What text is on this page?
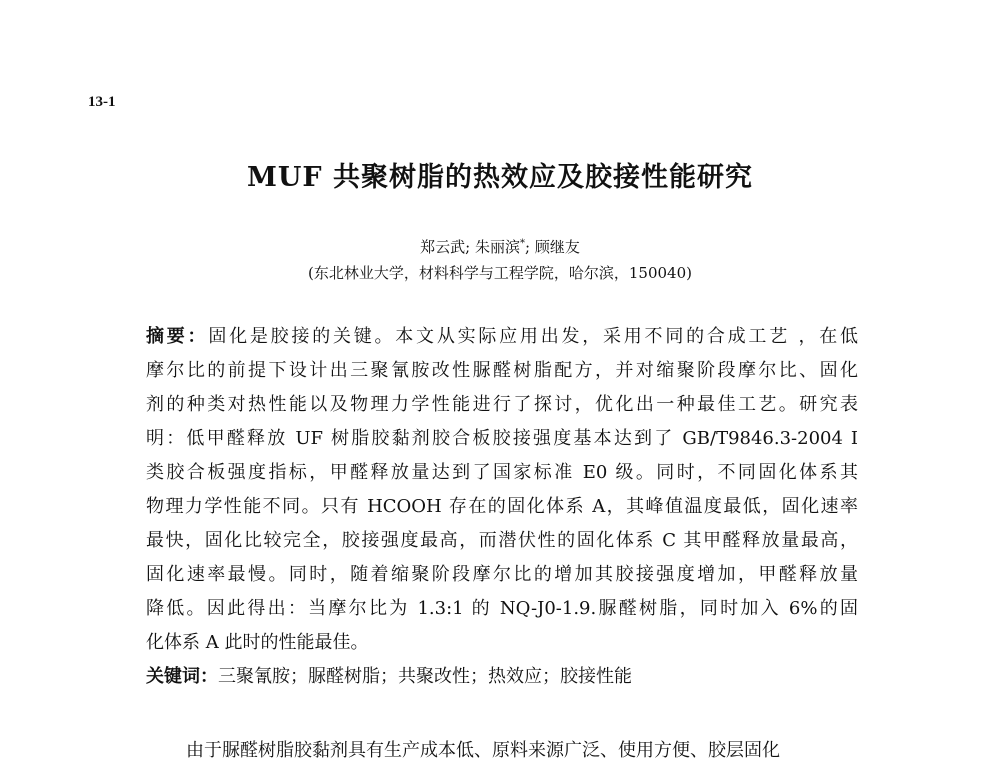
13-1
MUF 共聚树脂的热效应及胶接性能研究
郑云武; 朱丽滨*; 顾继友
(东北林业大学，材料科学与工程学院，哈尔滨，150040)
摘要：固化是胶接的关键。本文从实际应用出发，采用不同的合成工艺 ，在低
摩尔比的前提下设计出三聚氰胺改性脲醛树脂配方，并对缩聚阶段摩尔比、固化
剂的种类对热性能以及物理力学性能进行了探讨，优化出一种最佳工艺。研究表
明：低甲醛释放 UF 树脂胶黏剂胶合板胶接强度基本达到了 GB/T9846.3-2004 I
类胶合板强度指标，甲醛释放量达到了国家标准 E0 级。同时，不同固化体系其
物理力学性能不同。只有 HCOOH 存在的固化体系 A，其峰值温度最低，固化速率
最快，固化比较完全，胶接强度最高，而潜伏性的固化体系 C 其甲醛释放量最高，
固化速率最慢。同时，随着缩聚阶段摩尔比的增加其胶接强度增加，甲醛释放量
降低。因此得出：当摩尔比为 1.3:1 的 NQ-J0-1.9.脲醛树脂，同时加入 6%的固
化体系 A 此时的性能最佳。
关键词：三聚氰胺；脲醛树脂；共聚改性；热效应；胶接性能
由于脲醛树脂胶黏剂具有生产成本低、原料来源广泛、使用方便、胶层固化
